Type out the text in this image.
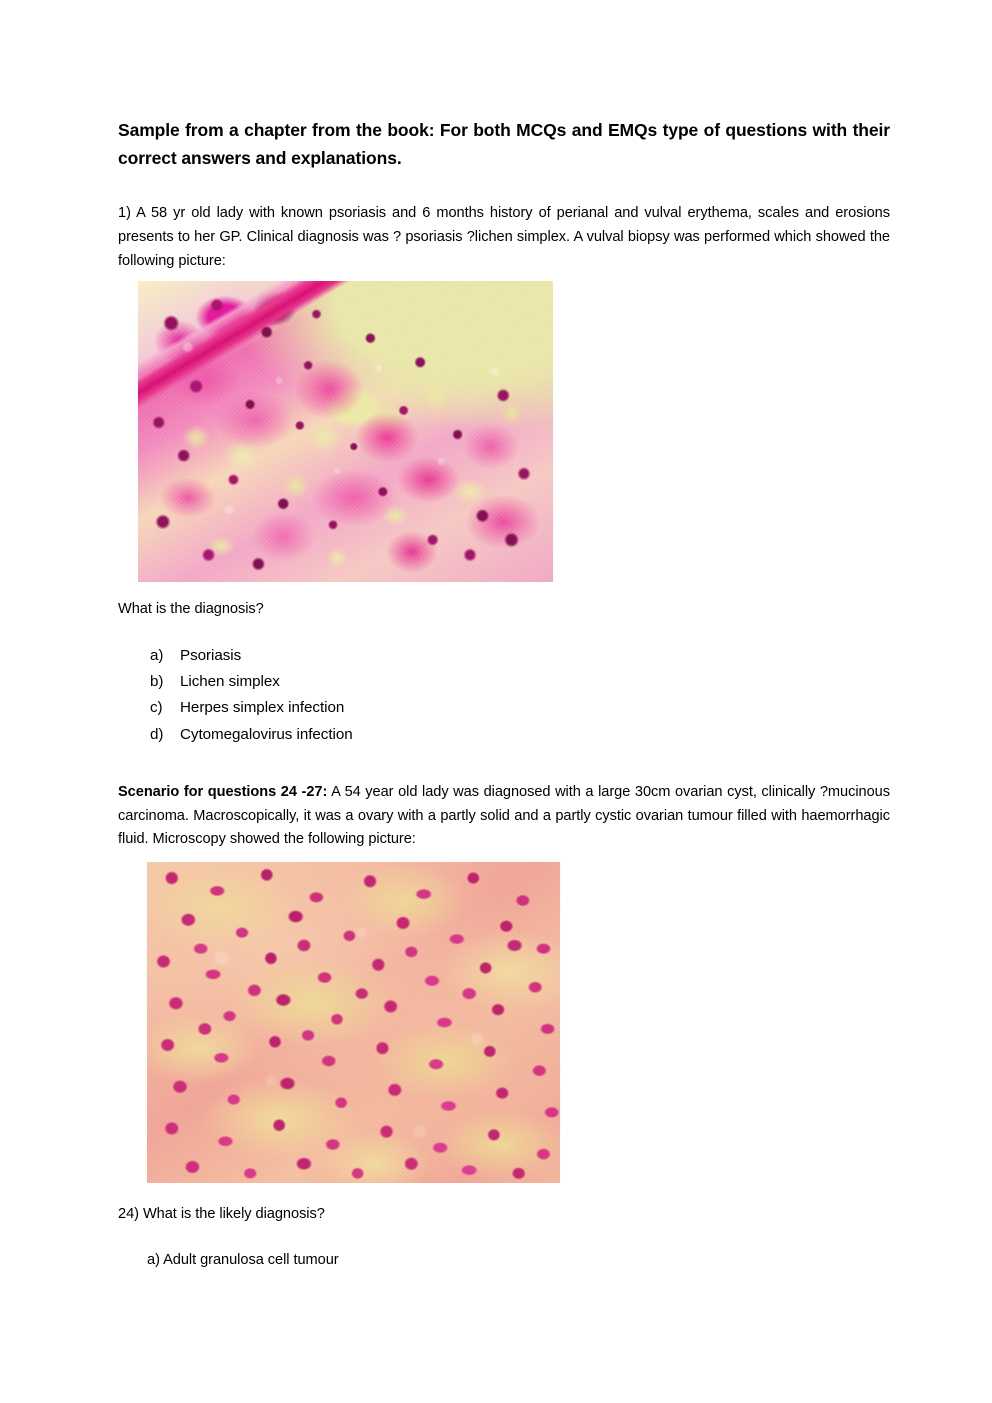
Sample from a chapter from the book: For both MCQs and EMQs type of questions with their correct answers and explanations.

1) A 58 yr old lady with known psoriasis and 6 months history of perianal and vulval erythema, scales and erosions presents to her GP. Clinical diagnosis was ? psoriasis ?lichen simplex. A vulval biopsy was performed which showed the following picture:

What is the diagnosis?

a)	Psoriasis
b)	Lichen simplex
c)	Herpes simplex infection
d)	Cytomegalovirus infection

Scenario for questions 24 -27: A 54 year old lady was diagnosed with a large 30cm ovarian cyst, clinically ?mucinous carcinoma. Macroscopically, it was a ovary with a partly solid and a partly cystic ovarian tumour filled with haemorrhagic fluid. Microscopy showed the following picture:

24) What is the likely diagnosis?

a) Adult granulosa cell tumour
